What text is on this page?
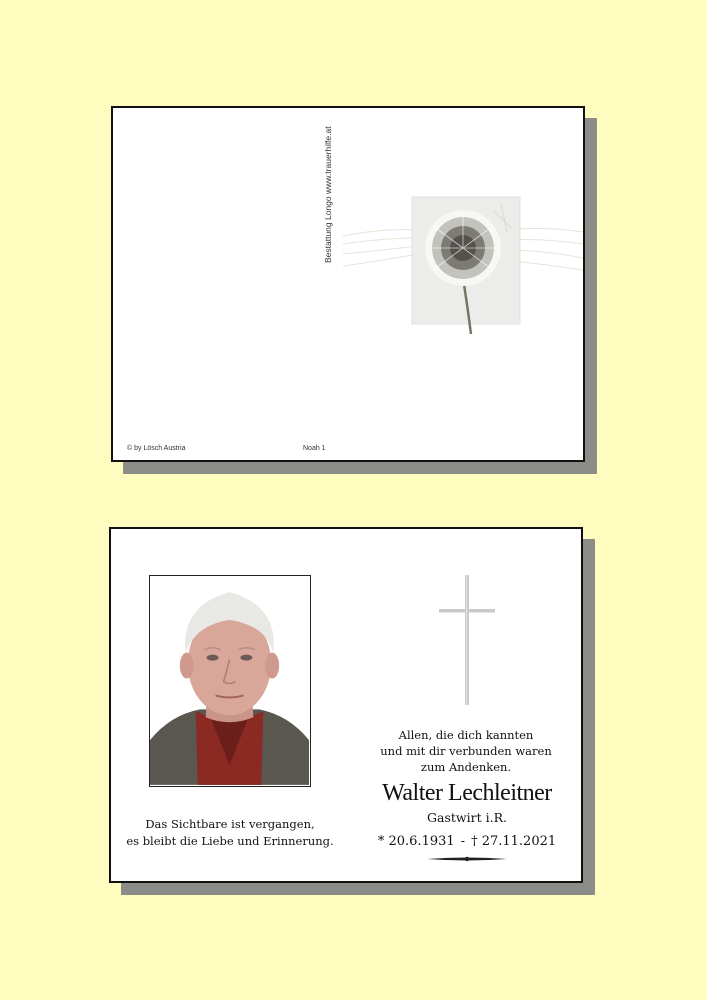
Bestattung Longo www.trauerhilfe.at
© by Lösch Austria	Noah 1
Allen, die dich kannten
und mit dir verbunden waren
zum Andenken.
Walter Lechleitner
Gastwirt i.R.
* 20.6.1931 - † 27.11.2021
Das Sichtbare ist vergangen,
es bleibt die Liebe und Erinnerung.
